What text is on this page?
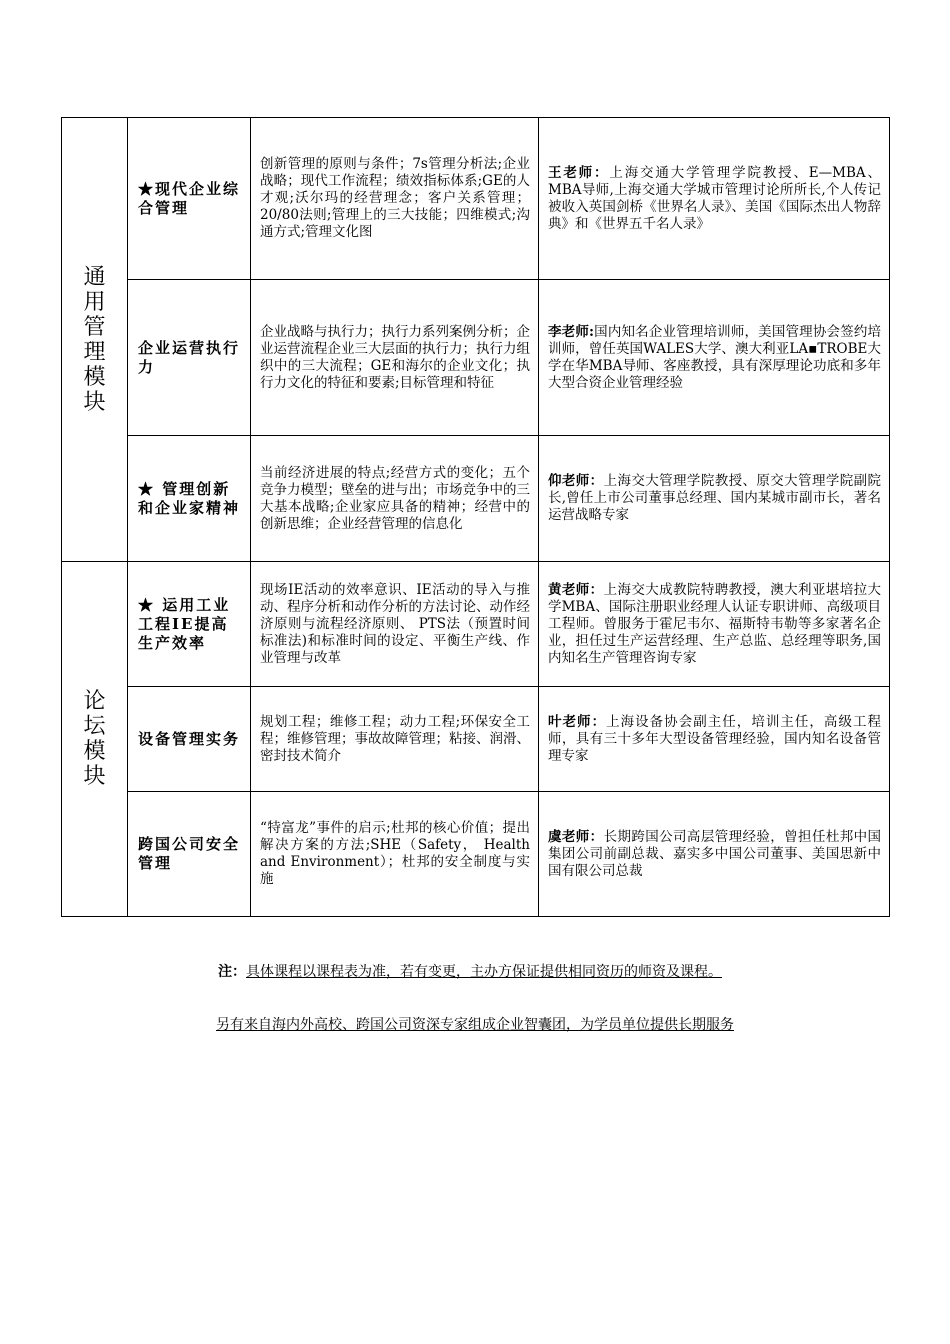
通用管理模块	★现代企业综合管理	创新管理的原则与条件；7s管理分析法;企业战略；现代工作流程；绩效指标体系;GE的人才观;沃尔玛的经营理念；客户关系管理；20/80法则;管理上的三大技能；四维模式;沟通方式;管理文化图	王老师：上海交通大学管理学院教授、E—MBA、MBA导师,上海交通大学城市管理讨论所所长,个人传记被收入英国剑桥《世界名人录》、美国《国际杰出人物辞典》和《世界五千名人录》
	企业运营执行力	企业战略与执行力；执行力系列案例分析；企业运营流程企业三大层面的执行力；执行力组织中的三大流程；GE和海尔的企业文化；执行力文化的特征和要素;目标管理和特征	李老师:国内知名企业管理培训师，美国管理协会签约培训师，曾任英国WALES大学、澳大利亚LA▪TROBE大学在华MBA导师、客座教授，具有深厚理论功底和多年大型合资企业管理经验
	★ 管理创新和企业家精神	当前经济进展的特点;经营方式的变化；五个竞争力模型；壁垒的进与出；市场竞争中的三大基本战略;企业家应具备的精神；经营中的创新思维；企业经营管理的信息化	仰老师：上海交大管理学院教授、原交大管理学院副院长,曾任上市公司董事总经理、国内某城市副市长，著名运营战略专家
论坛模块	★ 运用工业工程IE提高生产效率	现场IE活动的效率意识、IE活动的导入与推动、程序分析和动作分析的方法讨论、动作经济原则与流程经济原则、 PTS法（预置时间标准法)和标准时间的设定、平衡生产线、作业管理与改革	黄老师：上海交大成教院特聘教授，澳大利亚堪培拉大学MBA、国际注册职业经理人认证专职讲师、高级项目工程师。曾服务于霍尼韦尔、福斯特韦勒等多家著名企业，担任过生产运营经理、生产总监、总经理等职务,国内知名生产管理咨询专家
	设备管理实务	规划工程；维修工程；动力工程;环保安全工程；维修管理；事故故障管理；粘接、润滑、密封技术简介	叶老师：上海设备协会副主任，培训主任，高级工程师，具有三十多年大型设备管理经验，国内知名设备管理专家
	跨国公司安全管理	“特富龙”事件的启示;杜邦的核心价值；提出解决方案的方法;SHE（Safety， Health and Environment）；杜邦的安全制度与实施	虞老师：长期跨国公司高层管理经验，曾担任杜邦中国集团公司前副总裁、嘉实多中国公司董事、美国思新中国有限公司总裁
注：具体课程以课程表为准，若有变更，主办方保证提供相同资历的师资及课程。
另有来自海内外高校、跨国公司资深专家组成企业智囊团，为学员单位提供长期服务
